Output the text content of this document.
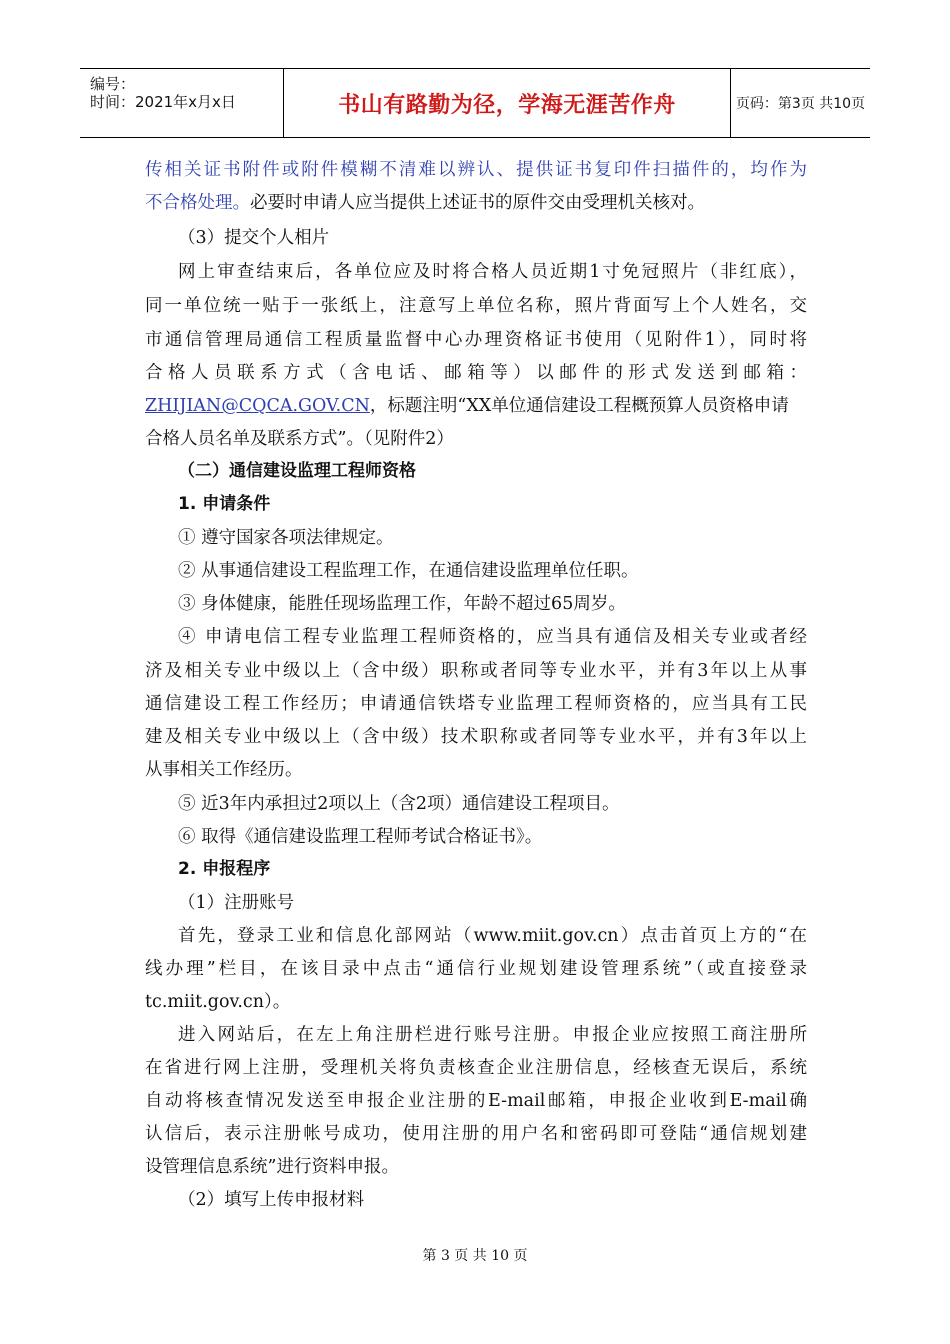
编号：
时间：2021年x月x日	书山有路勤为径，学海无涯苦作舟	页码：第3页 共10页
传相关证书附件或附件模糊不清难以辨认、提供证书复印件扫描件的，均作为
不合格处理。必要时申请人应当提供上述证书的原件交由受理机关核对。
（3）提交个人相片
网上审查结束后，各单位应及时将合格人员近期1寸免冠照片（非红底），
同一单位统一贴于一张纸上，注意写上单位名称，照片背面写上个人姓名，交
市通信管理局通信工程质量监督中心办理资格证书使用（见附件1），同时将
合格人员联系方式（含电话、邮箱等）以邮件的形式发送到邮箱：
ZHIJIAN@CQCA.GOV.CN，标题注明“XX单位通信建设工程概预算人员资格申请
合格人员名单及联系方式”。（见附件2）
（二）通信建设监理工程师资格
1. 申请条件
① 遵守国家各项法律规定。
② 从事通信建设工程监理工作，在通信建设监理单位任职。
③ 身体健康，能胜任现场监理工作，年龄不超过65周岁。
④ 申请电信工程专业监理工程师资格的，应当具有通信及相关专业或者经
济及相关专业中级以上（含中级）职称或者同等专业水平，并有3年以上从事
通信建设工程工作经历；申请通信铁塔专业监理工程师资格的，应当具有工民
建及相关专业中级以上（含中级）技术职称或者同等专业水平，并有3年以上
从事相关工作经历。
⑤ 近3年内承担过2项以上（含2项）通信建设工程项目。
⑥ 取得《通信建设监理工程师考试合格证书》。
2. 申报程序
（1）注册账号
首先，登录工业和信息化部网站（www.miit.gov.cn）点击首页上方的“在
线办理”栏目，在该目录中点击“通信行业规划建设管理系统”（或直接登录
tc.miit.gov.cn）。
进入网站后，在左上角注册栏进行账号注册。申报企业应按照工商注册所
在省进行网上注册，受理机关将负责核查企业注册信息，经核查无误后，系统
自动将核查情况发送至申报企业注册的E-mail邮箱，申报企业收到E-mail确
认信后，表示注册帐号成功，使用注册的用户名和密码即可登陆“通信规划建
设管理信息系统”进行资料申报。
（2）填写上传申报材料
第 3 页 共 10 页
